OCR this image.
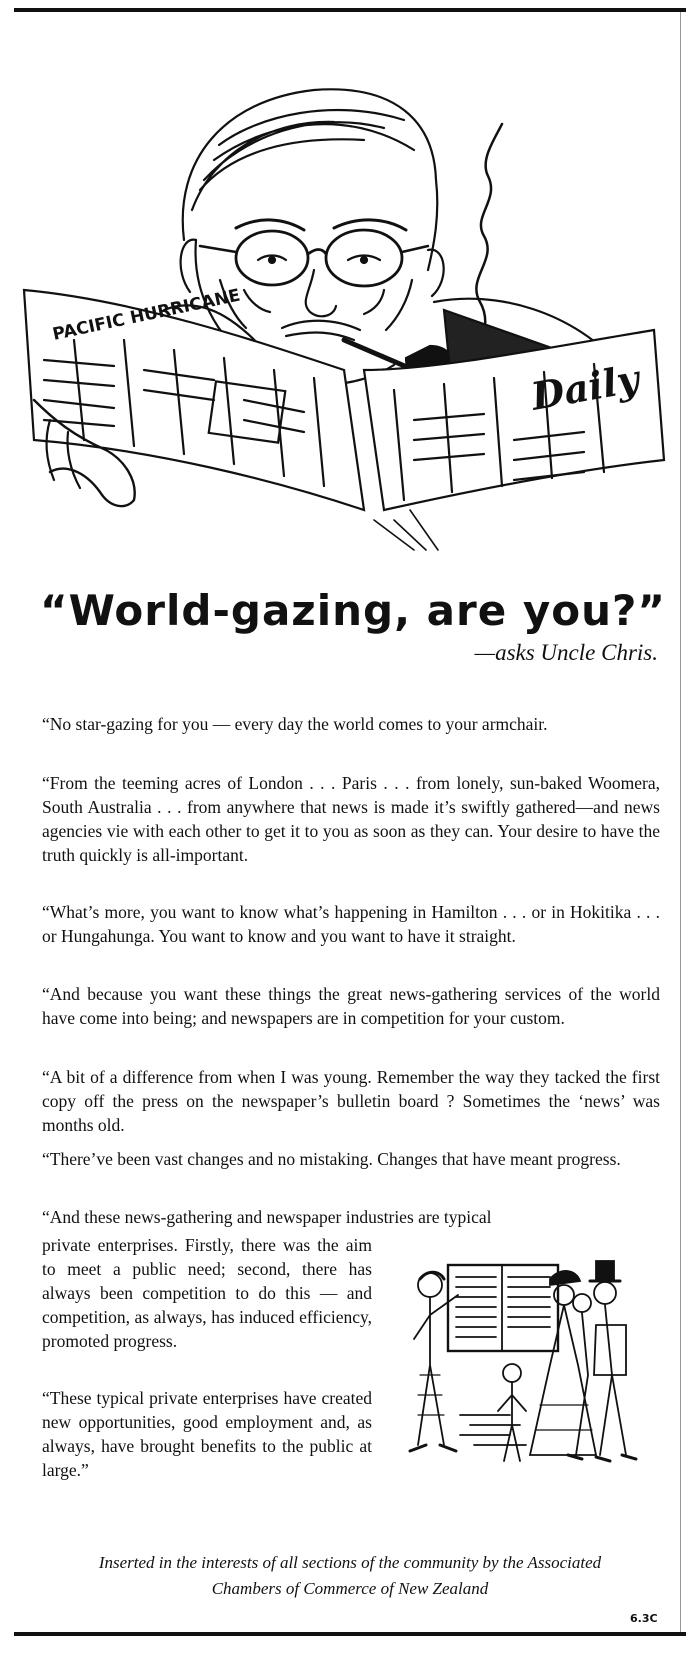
PACIFIC HURRICANE
Daily
“World-gazing, are you?”
—asks Uncle Chris.

“No star-gazing for you — every day the world comes to your armchair.

“From the teeming acres of London . . . Paris . . . from lonely, sun-baked Woomera, South Australia . . . from anywhere that news is made it’s swiftly gathered—and news agencies vie with each other to get it to you as soon as they can. Your desire to have the truth quickly is all-important.

“What’s more, you want to know what’s happening in Hamilton . . . or in Hokitika . . . or Hungahunga. You want to know and you want to have it straight.

“And because you want these things the great news-gathering services of the world have come into being; and newspapers are in competition for your custom.

“A bit of a difference from when I was young. Remember the way they tacked the first copy off the press on the newspaper’s bulletin board ? Sometimes the ‘news’ was months old.

“There’ve been vast changes and no mistaking. Changes that have meant progress.

“And these news-gathering and newspaper industries are typical

private enterprises. Firstly, there was the aim to meet a public need; second, there has always been competition to do this — and competition, as always, has induced efficiency, promoted progress.

“These typical private enterprises have created new opportunities, good employment and, as always, have brought benefits to the public at large.”

Inserted in the interests of all sections of the community by the Associated
Chambers of Commerce of New Zealand
6.3C
